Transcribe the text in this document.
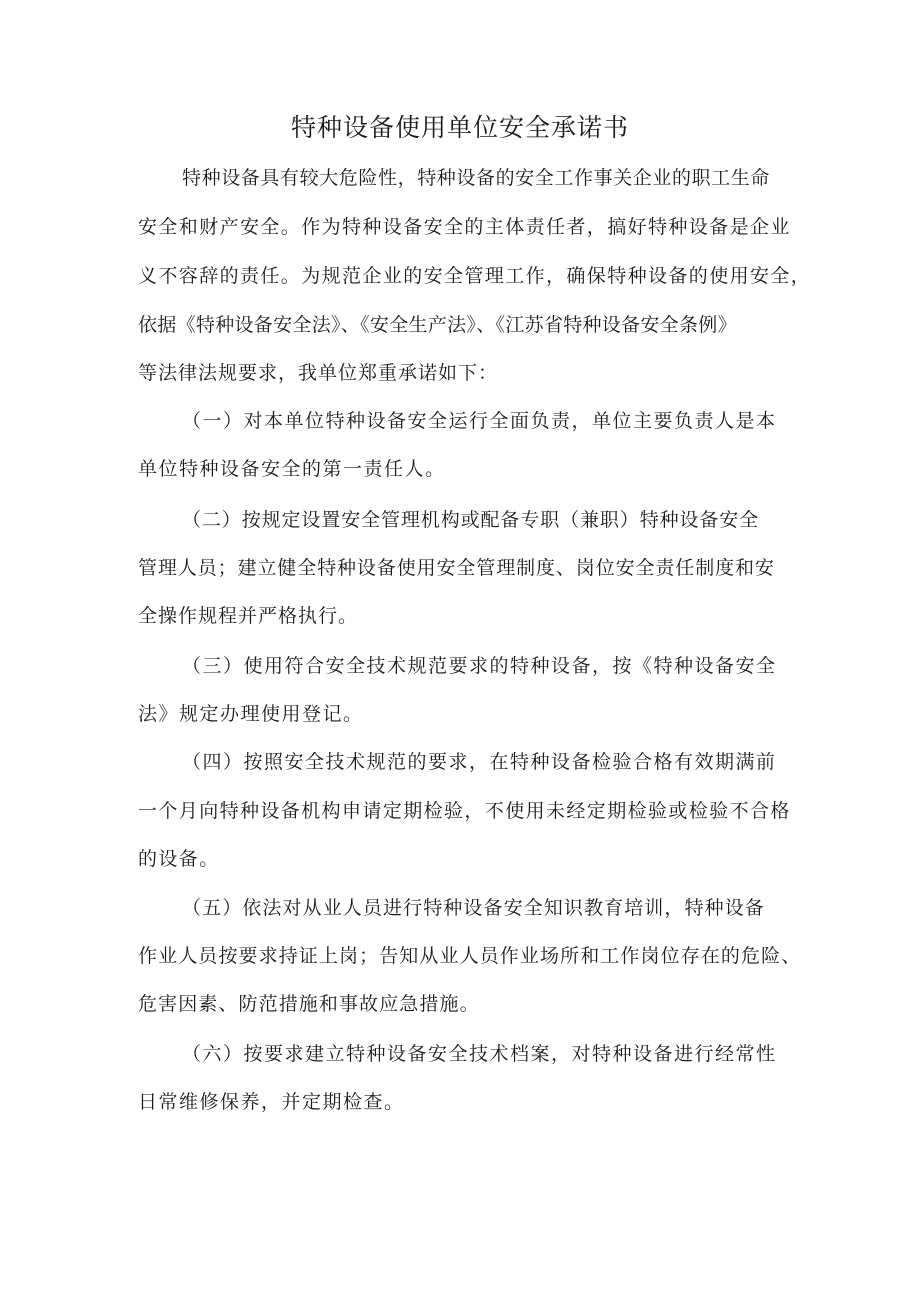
特种设备使用单位安全承诺书

特种设备具有较大危险性，特种设备的安全工作事关企业的职工生命

安全和财产安全。作为特种设备安全的主体责任者，搞好特种设备是企业

义不容辞的责任。为规范企业的安全管理工作，确保特种设备的使用安全，

依据《特种设备安全法》、《安全生产法》、《江苏省特种设备安全条例》

等法律法规要求，我单位郑重承诺如下：

（一）对本单位特种设备安全运行全面负责，单位主要负责人是本

单位特种设备安全的第一责任人。

（二）按规定设置安全管理机构或配备专职（兼职）特种设备安全

管理人员；建立健全特种设备使用安全管理制度、岗位安全责任制度和安

全操作规程并严格执行。

（三）使用符合安全技术规范要求的特种设备，按《特种设备安全

法》规定办理使用登记。

（四）按照安全技术规范的要求，在特种设备检验合格有效期满前

一个月向特种设备机构申请定期检验，不使用未经定期检验或检验不合格

的设备。

（五）依法对从业人员进行特种设备安全知识教育培训，特种设备

作业人员按要求持证上岗；告知从业人员作业场所和工作岗位存在的危险、

危害因素、防范措施和事故应急措施。

（六）按要求建立特种设备安全技术档案，对特种设备进行经常性

日常维修保养，并定期检查。
